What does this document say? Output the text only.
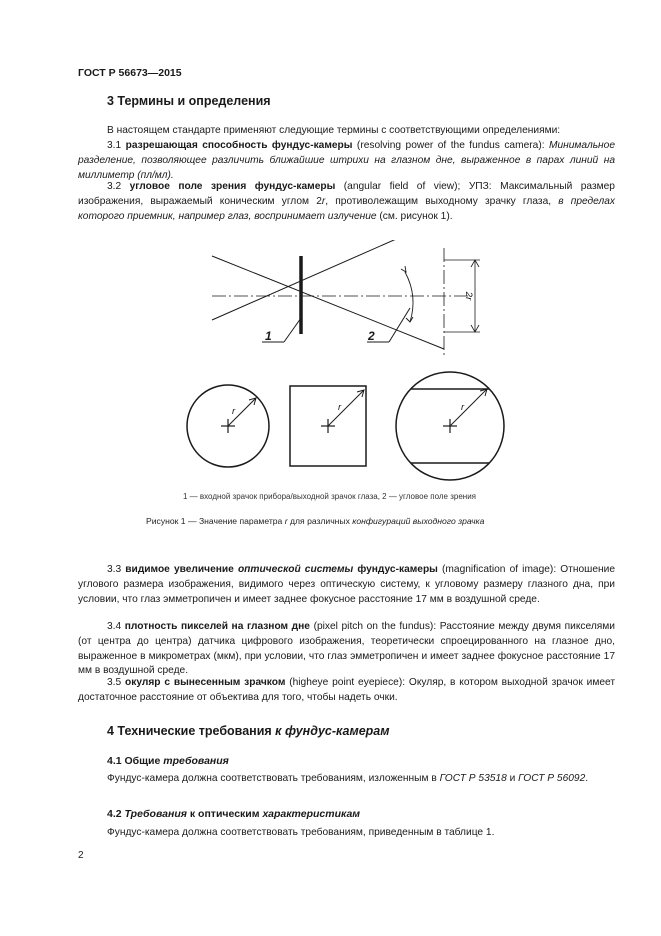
ГОСТ Р 56673—2015
3 Термины и определения
В настоящем стандарте применяют следующие термины с соответствующими определениями:
3.1 разрешающая способность фундус-камеры (resolving power of the fundus camera): Минимальное разделение, позволяющее различить ближайшие штрихи на глазном дне, выраженное в парах линий на миллиметр (пл/мл).
3.2 угловое поле зрения фундус-камеры (angular field of view); УПЗ: Максимальный размер изображения, выражаемый коническим углом 2r, противолежащим выходному зрачку глаза, в пределах которого приемник, например глаз, воспринимает излучение (см. рисунок 1).
1	2
2r
r	r	r
1 — входной зрачок прибора/выходной зрачок глаза, 2 — угловое поле зрения
Рисунок 1 — Значение параметра r для различных конфигураций выходного зрачка
3.3 видимое увеличение оптической системы фундус-камеры (magnification of image): Отношение углового размера изображения, видимого через оптическую систему, к угловому размеру глазного дна, при условии, что глаз эмметропичен и имеет заднее фокусное расстояние 17 мм в воздушной среде.
3.4 плотность пикселей на глазном дне (pixel pitch on the fundus): Расстояние между двумя пикселями (от центра до центра) датчика цифрового изображения, теоретически спроецированного на глазное дно, выраженное в микрометрах (мкм), при условии, что глаз эмметропичен и имеет заднее фокусное расстояние 17 мм в воздушной среде.
3.5 окуляр с вынесенным зрачком (higheye point eyepiece): Окуляр, в котором выходной зрачок имеет достаточное расстояние от объектива для того, чтобы надеть очки.
4 Технические требования к фундус-камерам
4.1 Общие требования
Фундус-камера должна соответствовать требованиям, изложенным в ГОСТ Р 53518 и ГОСТ Р 56092.
4.2 Требования к оптическим характеристикам
Фундус-камера должна соответствовать требованиям, приведенным в таблице 1.
2
